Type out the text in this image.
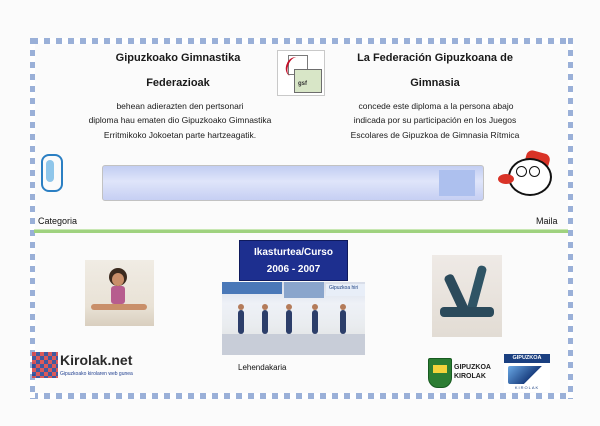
Gipuzkoako Gimnastika
Federazioak
behean adierazten den pertsonari
diploma hau ematen dio Gipuzkoako Gimnastika
Erritmikoko Jokoetan parte hartzeagatik.
gsf
La Federación Gipuzkoana de
Gimnasia
concede este diploma a la persona abajo
indicada por su participación en los Juegos
Escolares de Gipuzkoa de Gimnasia Rítmica
Categoria	Maila
Ikasturtea/Curso
2006 - 2007
Gipuzkoa hiri
Lehendakaria
Kirolak.net
Gipuzkoako kirolaren web gunea
GIPUZKOA
KIROLAK
GIPUZKOA
KIROLAK
